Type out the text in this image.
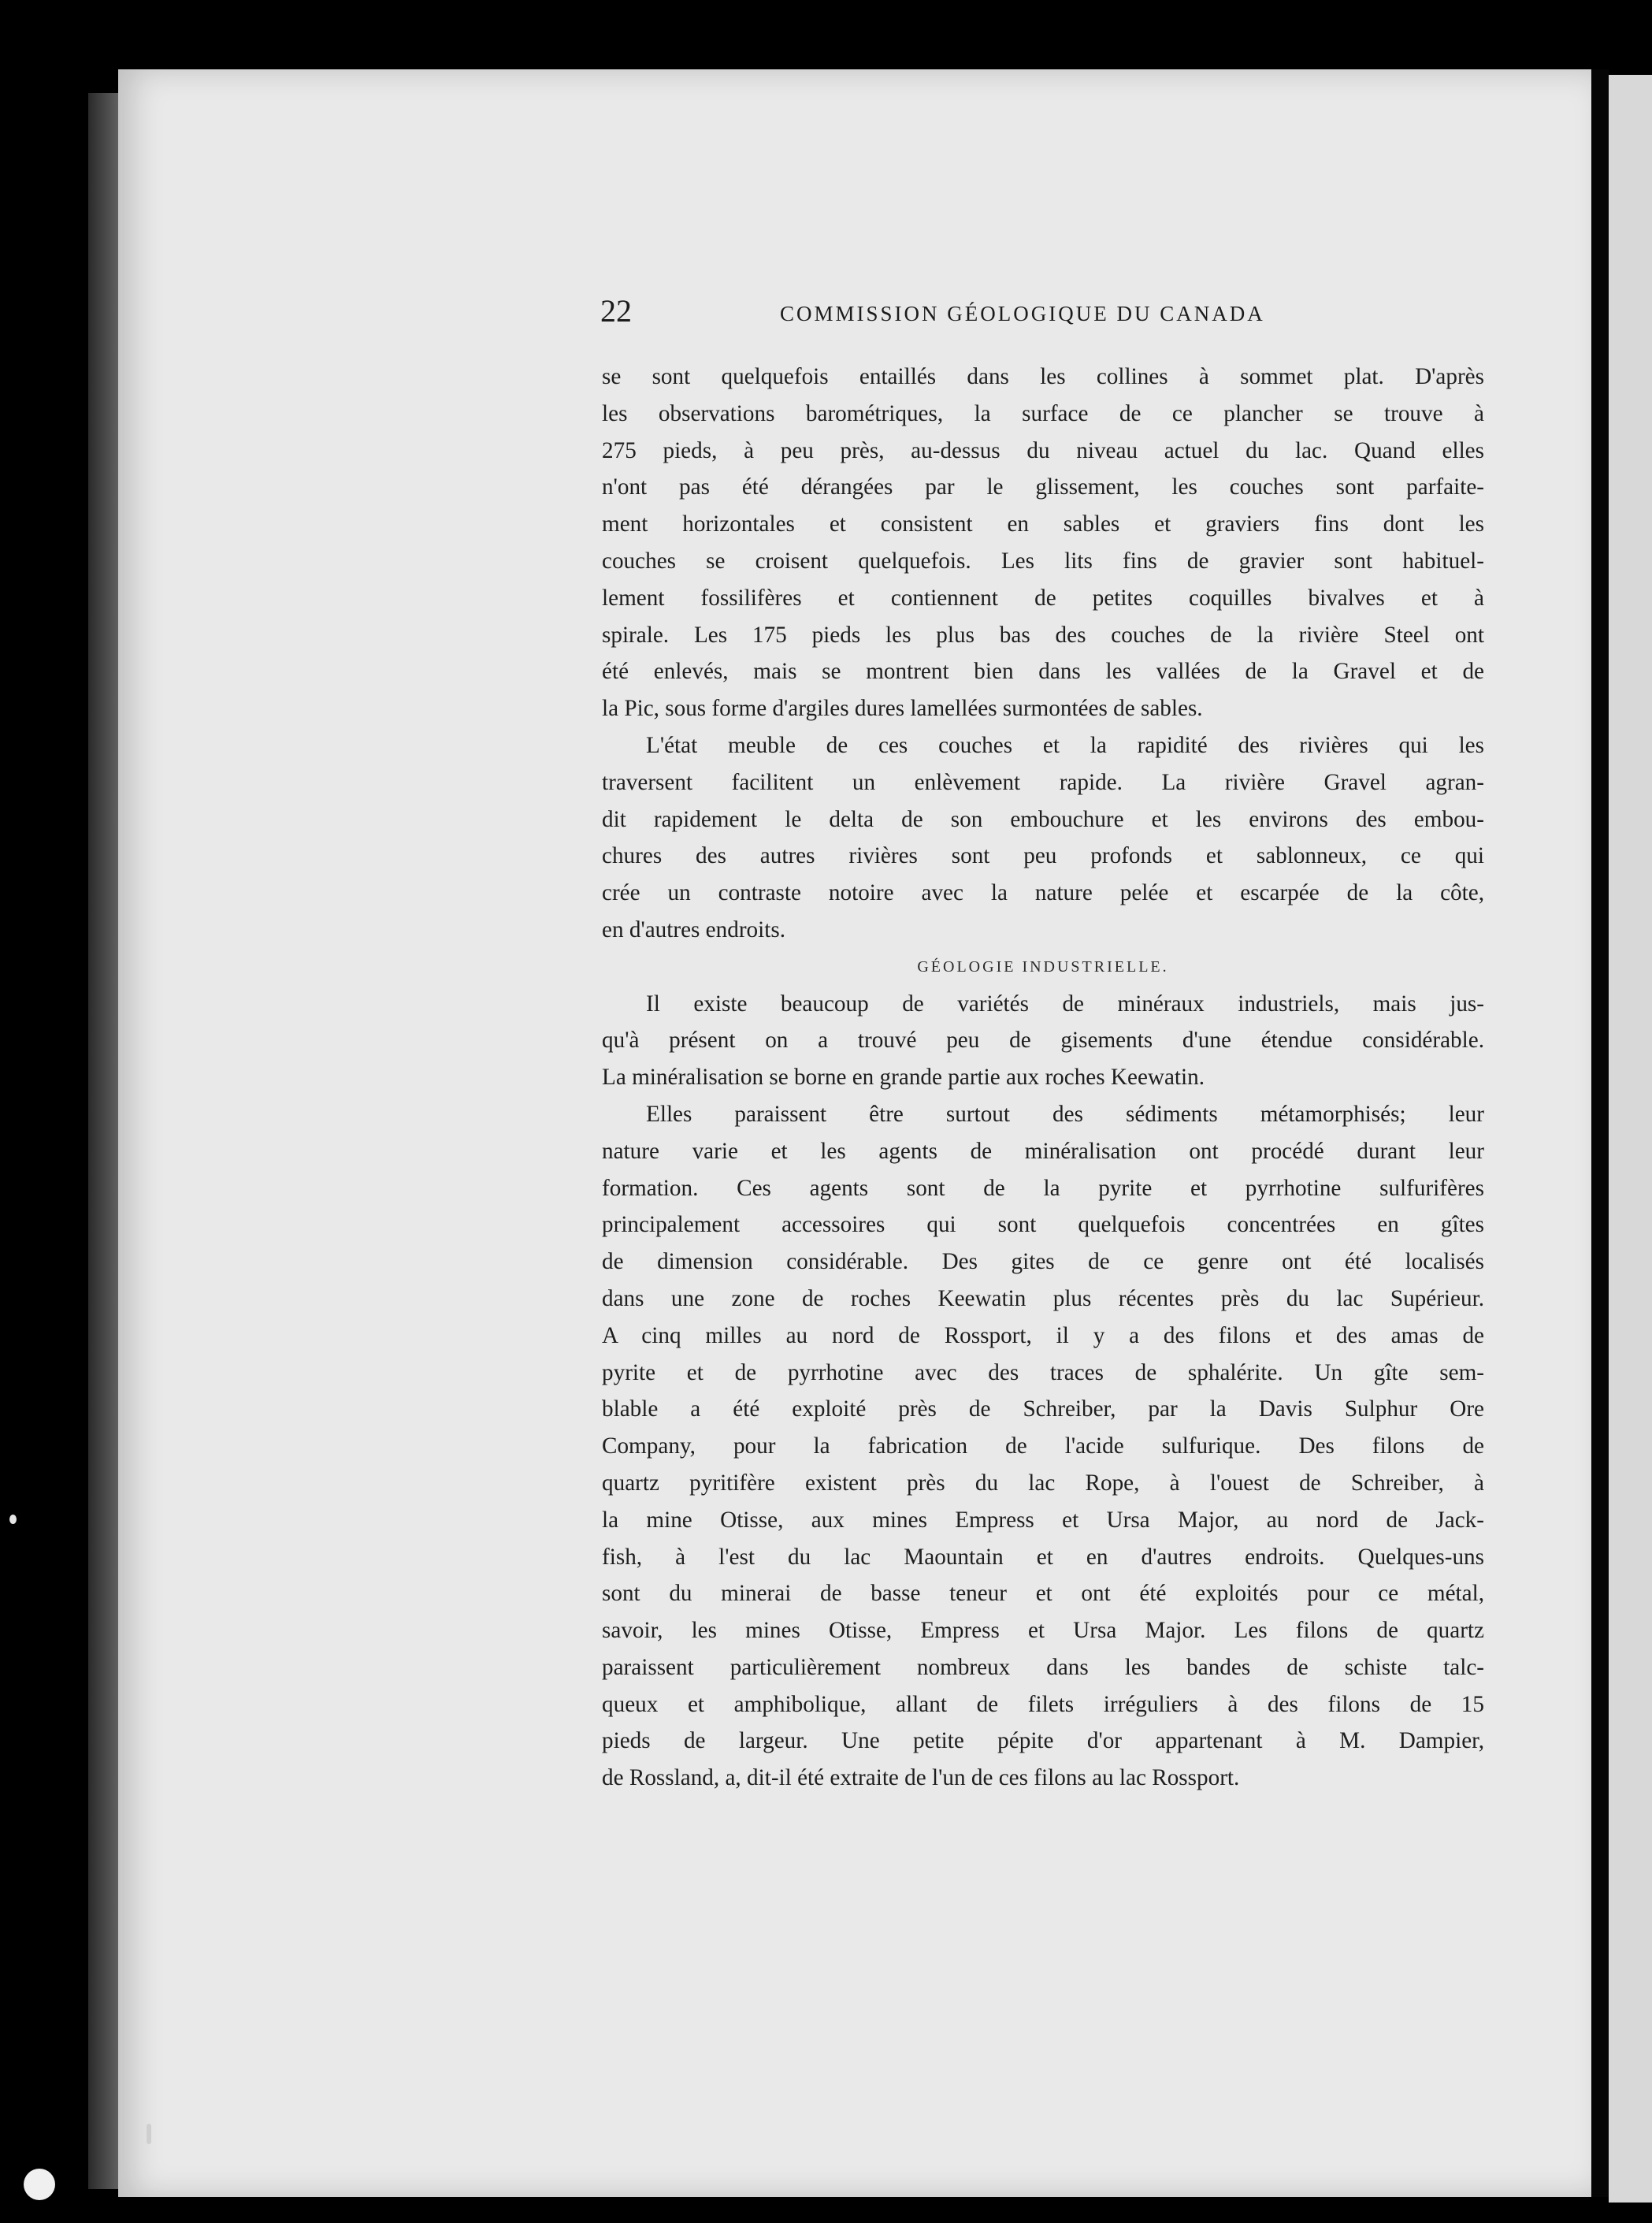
22	COMMISSION GÉOLOGIQUE DU CANADA
se sont quelquefois entaillés dans les collines à sommet plat. D'après
les observations barométriques, la surface de ce plancher se trouve à
275 pieds, à peu près, au-dessus du niveau actuel du lac. Quand elles
n'ont pas été dérangées par le glissement, les couches sont parfaite-
ment horizontales et consistent en sables et graviers fins dont les
couches se croisent quelquefois. Les lits fins de gravier sont habituel-
lement fossilifères et contiennent de petites coquilles bivalves et à
spirale. Les 175 pieds les plus bas des couches de la rivière Steel ont
été enlevés, mais se montrent bien dans les vallées de la Gravel et de
la Pic, sous forme d'argiles dures lamellées surmontées de sables.
L'état meuble de ces couches et la rapidité des rivières qui les
traversent facilitent un enlèvement rapide. La rivière Gravel agran-
dit rapidement le delta de son embouchure et les environs des embou-
chures des autres rivières sont peu profonds et sablonneux, ce qui
crée un contraste notoire avec la nature pelée et escarpée de la côte,
en d'autres endroits.
GÉOLOGIE INDUSTRIELLE.
Il existe beaucoup de variétés de minéraux industriels, mais jus-
qu'à présent on a trouvé peu de gisements d'une étendue considérable.
La minéralisation se borne en grande partie aux roches Keewatin.
Elles paraissent être surtout des sédiments métamorphisés; leur
nature varie et les agents de minéralisation ont procédé durant leur
formation. Ces agents sont de la pyrite et pyrrhotine sulfurifères
principalement accessoires qui sont quelquefois concentrées en gîtes
de dimension considérable. Des gites de ce genre ont été localisés
dans une zone de roches Keewatin plus récentes près du lac Supérieur.
A cinq milles au nord de Rossport, il y a des filons et des amas de
pyrite et de pyrrhotine avec des traces de sphalérite. Un gîte sem-
blable a été exploité près de Schreiber, par la Davis Sulphur Ore
Company, pour la fabrication de l'acide sulfurique. Des filons de
quartz pyritifère existent près du lac Rope, à l'ouest de Schreiber, à
la mine Otisse, aux mines Empress et Ursa Major, au nord de Jack-
fish, à l'est du lac Maountain et en d'autres endroits. Quelques-uns
sont du minerai de basse teneur et ont été exploités pour ce métal,
savoir, les mines Otisse, Empress et Ursa Major. Les filons de quartz
paraissent particulièrement nombreux dans les bandes de schiste talc-
queux et amphibolique, allant de filets irréguliers à des filons de 15
pieds de largeur. Une petite pépite d'or appartenant à M. Dampier,
de Rossland, a, dit-il été extraite de l'un de ces filons au lac Rossport.
